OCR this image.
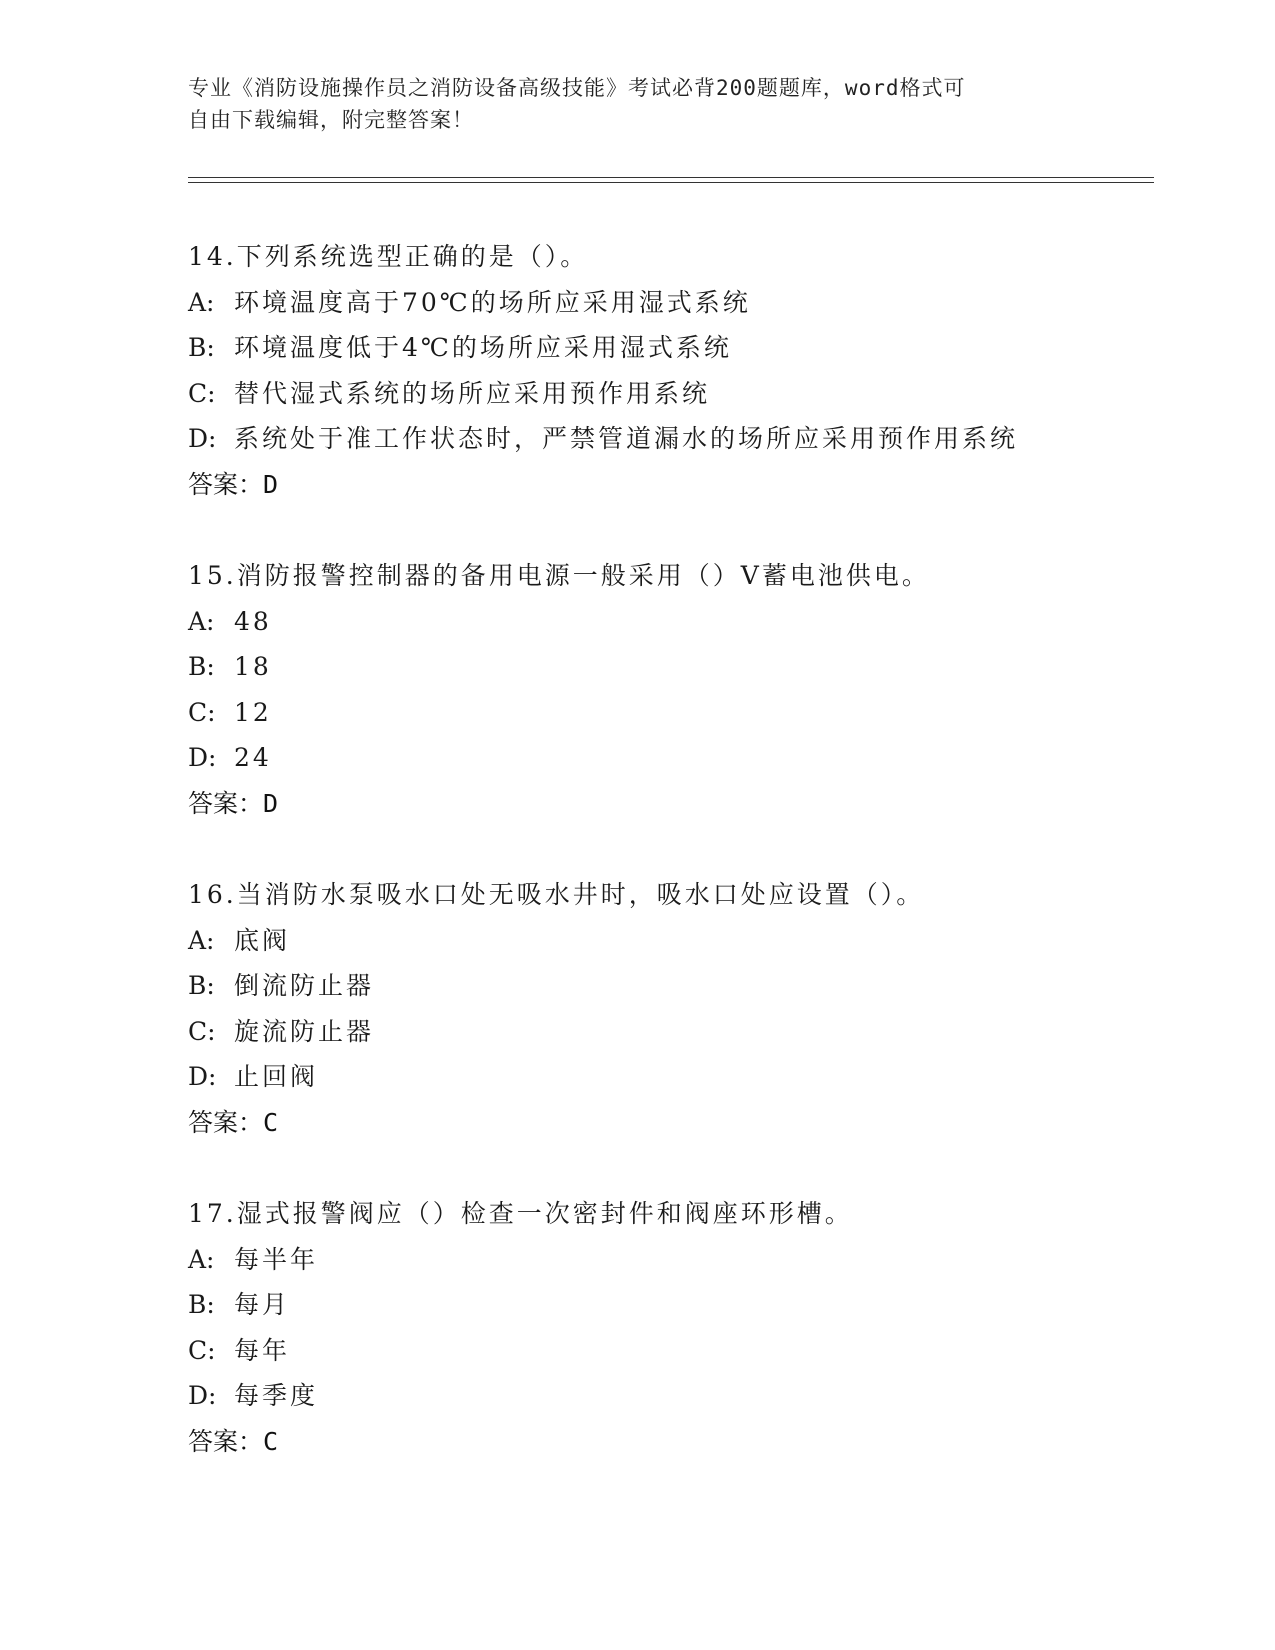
专业《消防设施操作员之消防设备高级技能》考试必背200题题库，word格式可
自由下载编辑，附完整答案！
14.下列系统选型正确的是（）。
A: 环境温度高于70℃的场所应采用湿式系统
B: 环境温度低于4℃的场所应采用湿式系统
C: 替代湿式系统的场所应采用预作用系统
D: 系统处于准工作状态时，严禁管道漏水的场所应采用预作用系统
答案：D
15.消防报警控制器的备用电源一般采用（）V蓄电池供电。
A: 48
B: 18
C: 12
D: 24
答案：D
16.当消防水泵吸水口处无吸水井时，吸水口处应设置（）。
A: 底阀
B: 倒流防止器
C: 旋流防止器
D: 止回阀
答案：C
17.湿式报警阀应（）检查一次密封件和阀座环形槽。
A: 每半年
B: 每月
C: 每年
D: 每季度
答案：C
